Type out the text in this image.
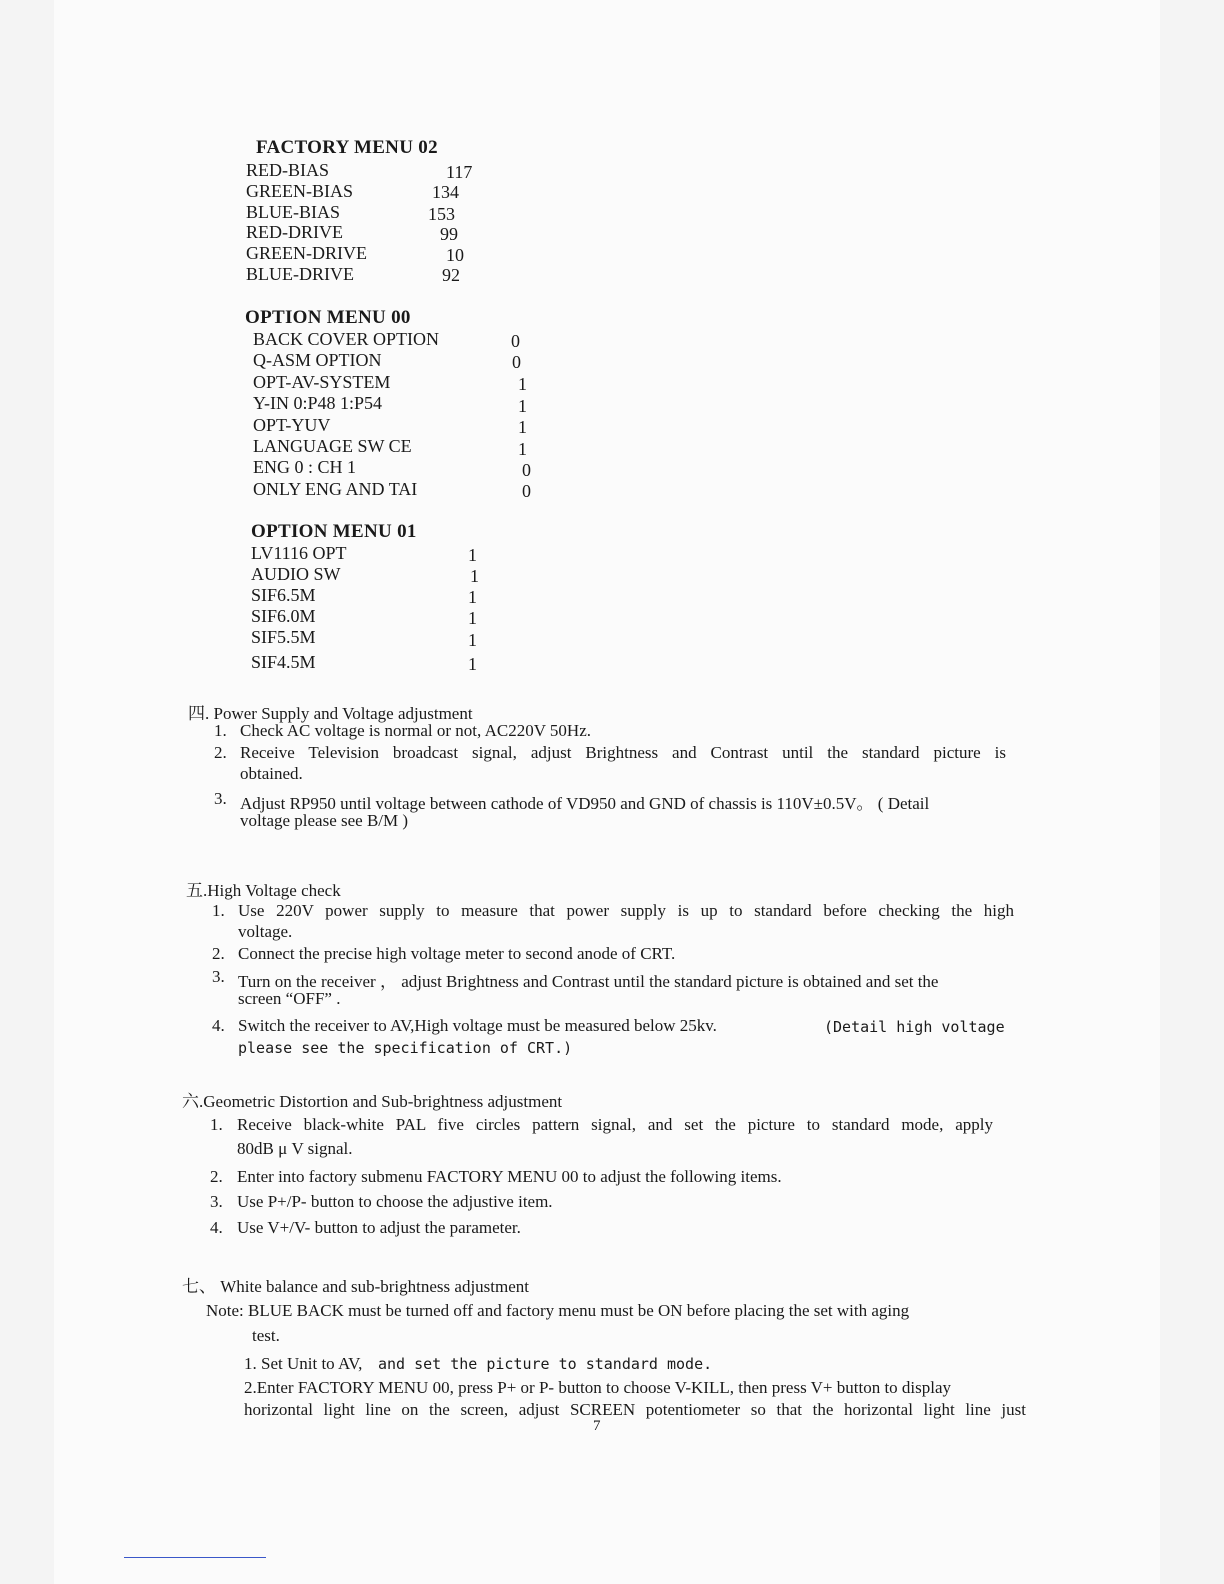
FACTORY MENU 02
RED-BIAS	117
GREEN-BIAS	134
BLUE-BIAS	153
RED-DRIVE	99
GREEN-DRIVE	10
BLUE-DRIVE	92
OPTION MENU 00
BACK COVER OPTION	0
Q-ASM OPTION	0
OPT-AV-SYSTEM	1
Y-IN 0:P48 1:P54	1
OPT-YUV	1
LANGUAGE SW CE	1
ENG 0 : CH 1	0
ONLY ENG AND TAI	0
OPTION MENU 01
LV1116 OPT	1
AUDIO SW	1
SIF6.5M	1
SIF6.0M	1
SIF5.5M	1
SIF4.5M	1
四. Power Supply and Voltage adjustment
1. Check AC voltage is normal or not, AC220V 50Hz.
2. Receive Television broadcast signal, adjust Brightness and Contrast until the standard picture is
obtained.
3. Adjust RP950 until voltage between cathode of VD950 and GND of chassis is 110V±0.5V。 ( Detail
voltage please see B/M )
五.High Voltage check
1. Use 220V power supply to measure that power supply is up to standard before checking the high
voltage.
2. Connect the precise high voltage meter to second anode of CRT.
3. Turn on the receiver ， adjust Brightness and Contrast until the standard picture is obtained and set the
screen “OFF” .
4. Switch the receiver to AV,High voltage must be measured below 25kv.	(Detail high voltage
please see the specification of CRT.)
六.Geometric Distortion and Sub-brightness adjustment
1. Receive black-white PAL five circles pattern signal, and set the picture to standard mode, apply
80dB μ V signal.
2. Enter into factory submenu FACTORY MENU 00 to adjust the following items.
3. Use P+/P- button to choose the adjustive item.
4. Use V+/V- button to adjust the parameter.
七、 White balance and sub-brightness adjustment
Note: BLUE BACK must be turned off and factory menu must be ON before placing the set with aging
test.
1. Set Unit to AV, and set the picture to standard mode.
2.Enter FACTORY MENU 00, press P+ or P- button to choose V-KILL, then press V+ button to display
horizontal light line on the screen, adjust SCREEN potentiometer so that the horizontal light line just
7
